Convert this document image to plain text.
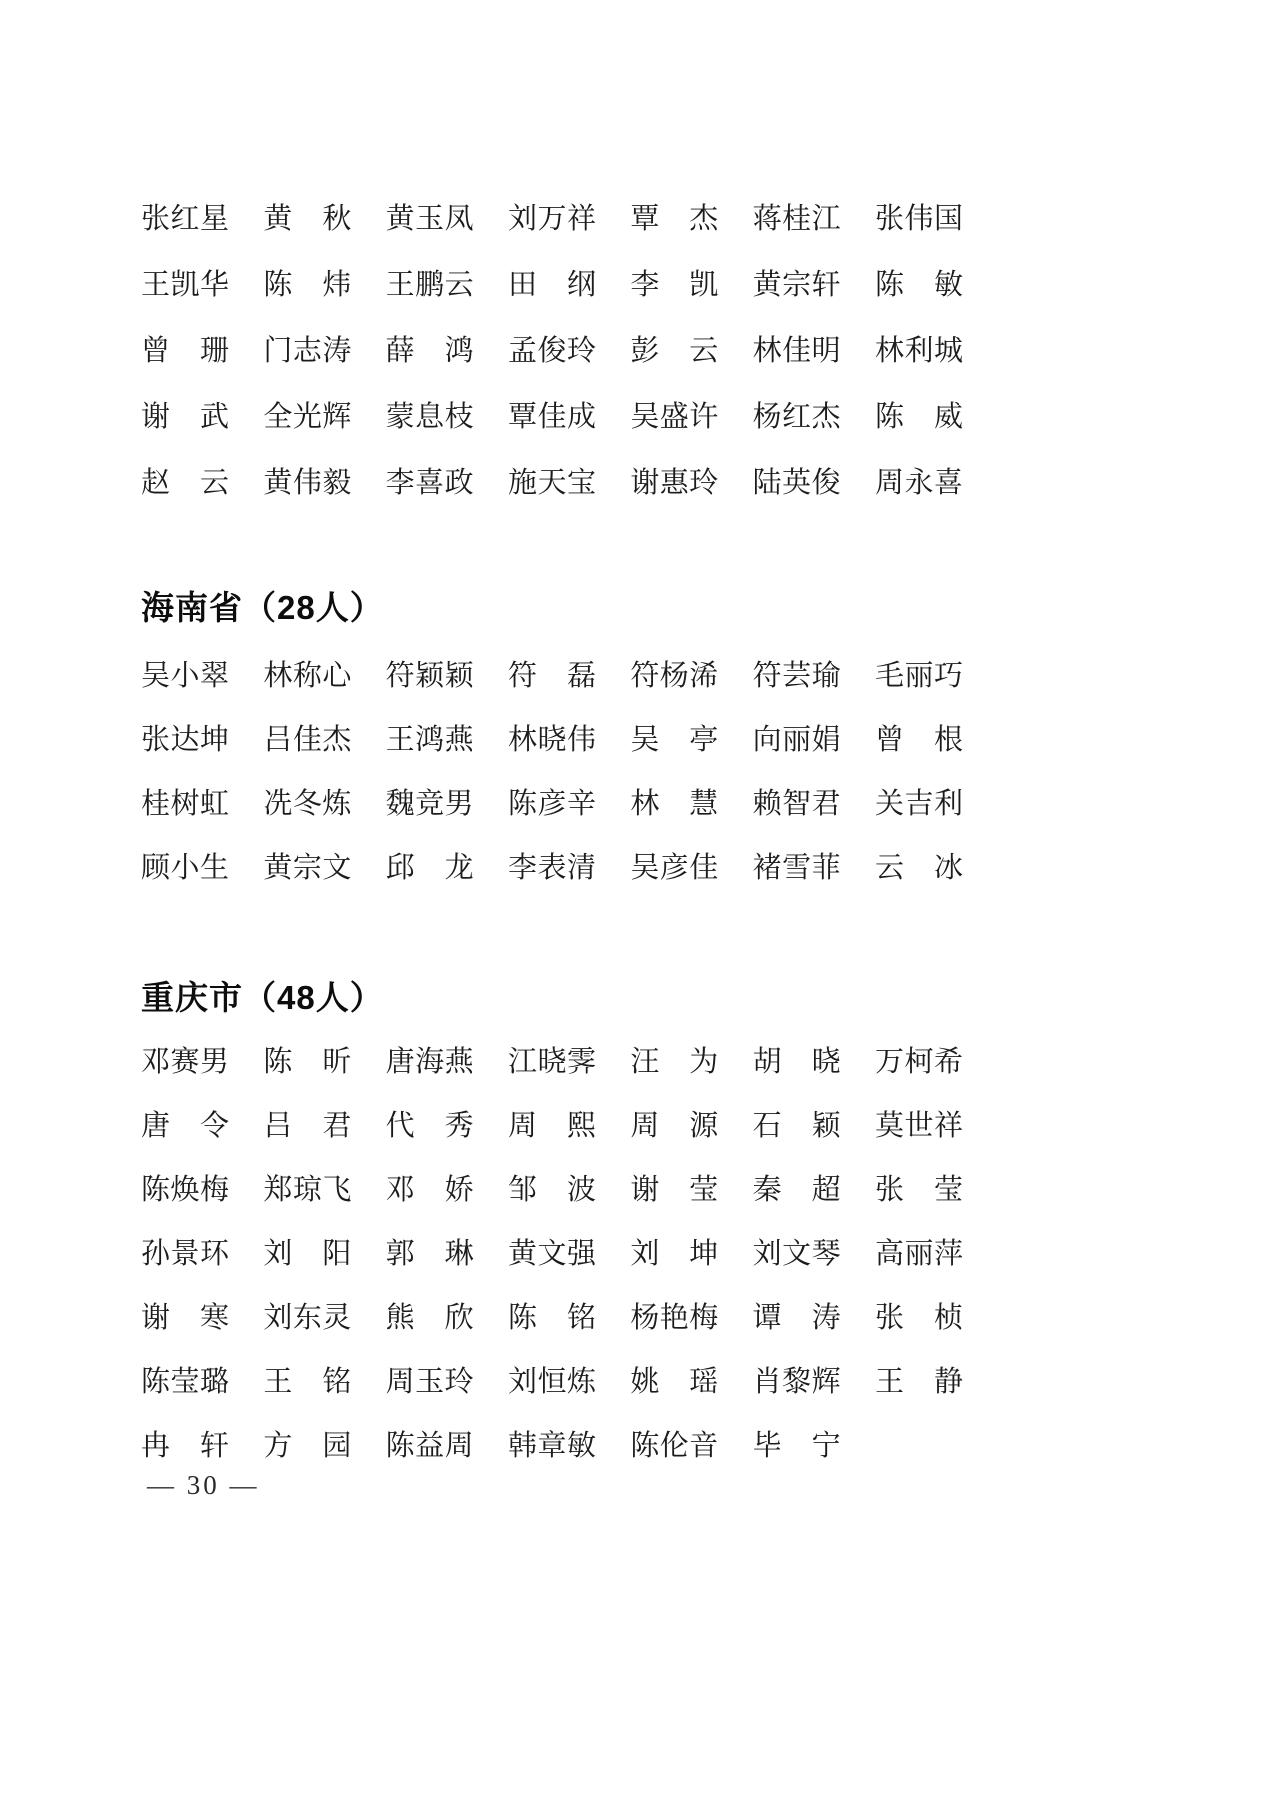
张红星 黄秋 黄玉凤 刘万祥 覃杰 蒋桂江 张伟国
王凯华 陈炜 王鹏云 田纲 李凯 黄宗轩 陈敏
曾珊 门志涛 薛鸿 孟俊玲 彭云 林佳明 林利城
谢武 全光辉 蒙息枝 覃佳成 吴盛许 杨红杰 陈威
赵云 黄伟毅 李喜政 施天宝 谢惠玲 陆英俊 周永喜
海南省（28人）
吴小翠 林称心 符颖颖 符磊 符杨浠 符芸瑜 毛丽巧
张达坤 吕佳杰 王鸿燕 林晓伟 吴亭 向丽娟 曾根
桂树虹 冼冬炼 魏竞男 陈彦辛 林慧 赖智君 关吉利
顾小生 黄宗文 邱龙 李表清 吴彦佳 褚雪菲 云冰
重庆市（48人）
邓赛男 陈昕 唐海燕 江晓霁 汪为 胡晓 万柯希
唐令 吕君 代秀 周熙 周源 石颖 莫世祥
陈焕梅 郑琼飞 邓娇 邹波 谢莹 秦超 张莹
孙景环 刘阳 郭琳 黄文强 刘坤 刘文琴 高丽萍
谢寒 刘东灵 熊欣 陈铭 杨艳梅 谭涛 张桢
陈莹璐 王铭 周玉玲 刘恒炼 姚瑶 肖黎辉 王静
冉轩 方园 陈益周 韩章敏 陈伦音 毕宁
— 30 —
